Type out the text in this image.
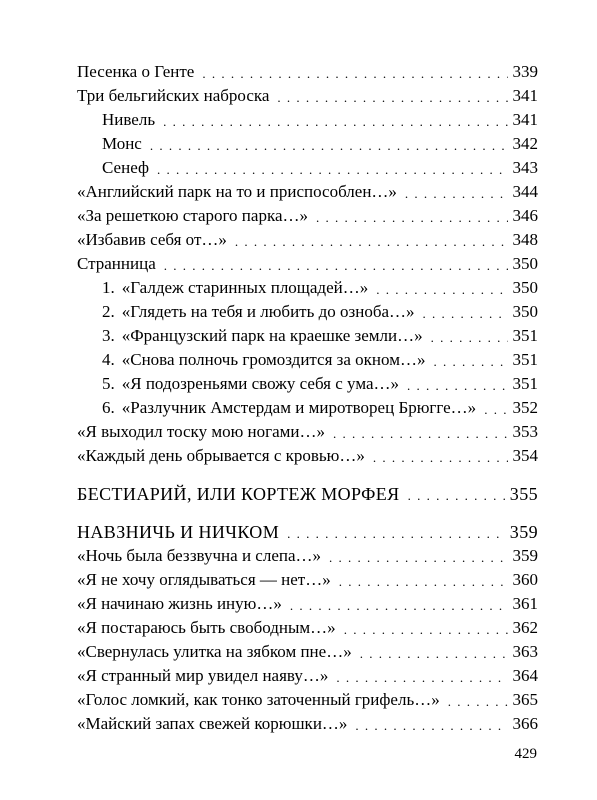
Песенка о Генте . . .	339
Три бельгийских наброска . . .	341
Нивель . . .	341
Монс . . .	342
Сенеф . . .	343
«Английский парк на то и приспособлен…» . . .	344
«За решеткою старого парка…» . . .	346
«Избавив себя от…» . . .	348
Странница . . .	350
1. «Галдеж старинных площадей…» . . .	350
2. «Глядеть на тебя и любить до озноба…» . . .	350
3. «Французский парк на краешке земли…» . . .	351
4. «Снова полночь громоздится за окном…» . . .	351
5. «Я подозреньями свожу себя с ума…» . . .	351
6. «Разлучник Амстердам и миротворец Брюгге…» . . . 352
«Я выходил тоску мою ногами…» . . .	353
«Каждый день обрывается с кровью…» . . .	354
БЕСТИАРИЙ, ИЛИ КОРТЕЖ МОРФЕЯ . . .	355
НАВЗНИЧЬ И НИЧКОМ . . .	359
«Ночь была беззвучна и слепа…» . . .	359
«Я не хочу оглядываться — нет…» . . .	360
«Я начинаю жизнь иную…» . . .	361
«Я постараюсь быть свободным…» . . .	362
«Свернулась улитка на зябком пне…» . . .	363
«Я странный мир увидел наяву…» . . .	364
«Голос ломкий, как тонко заточенный грифель…» . . .	365
«Майский запах свежей корюшки…» . . .	366
429
